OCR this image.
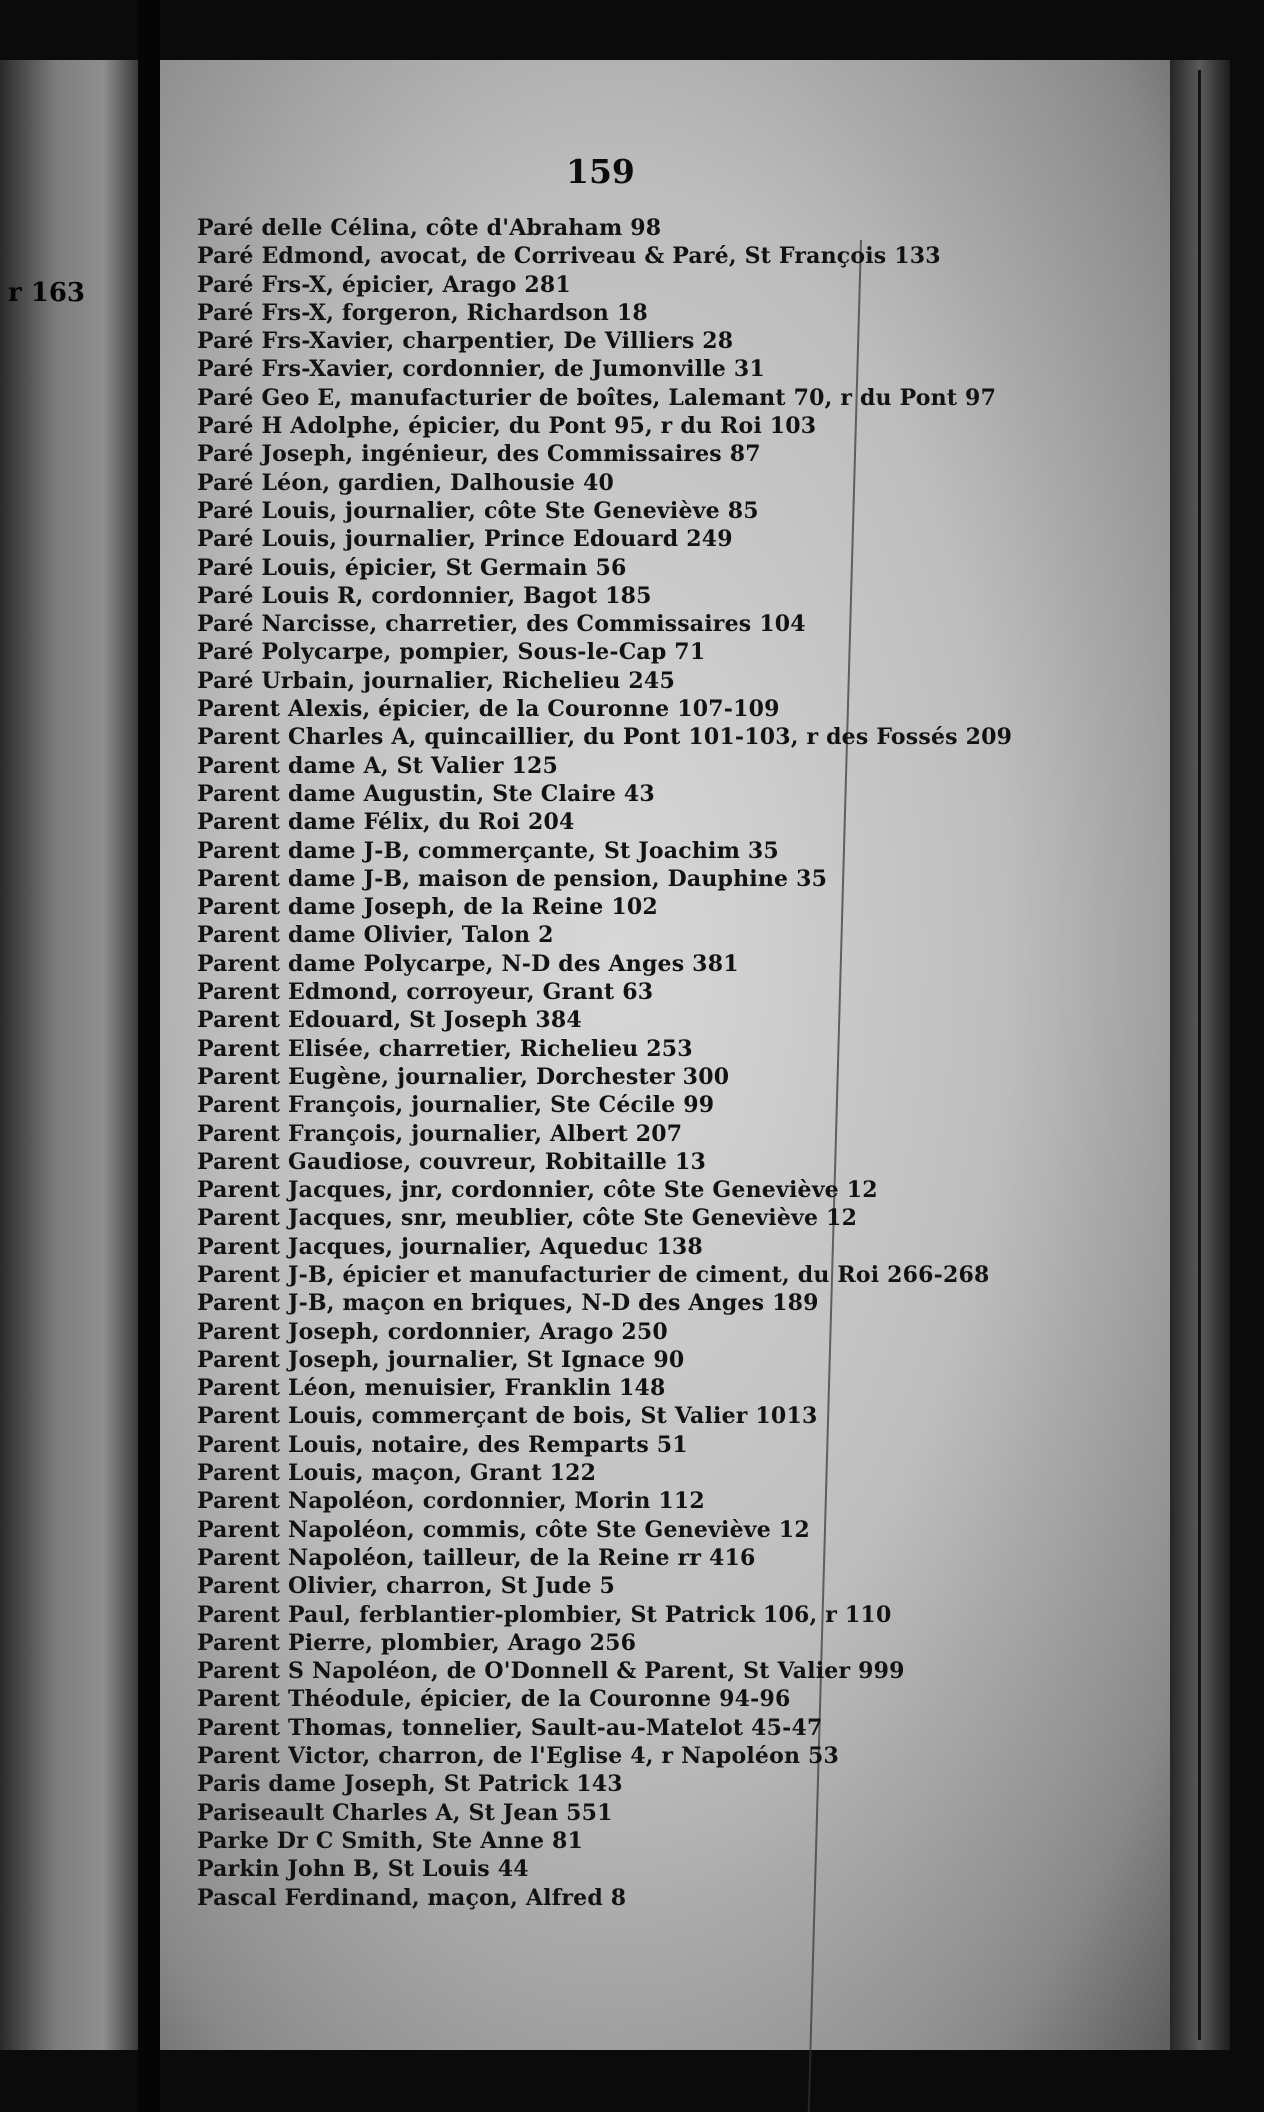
r 163
159
Paré delle Célina, côte d'Abraham 98
Paré Edmond, avocat, de Corriveau & Paré, St François 133
Paré Frs-X, épicier, Arago 281
Paré Frs-X, forgeron, Richardson 18
Paré Frs-Xavier, charpentier, De Villiers 28
Paré Frs-Xavier, cordonnier, de Jumonville 31
Paré Geo E, manufacturier de boîtes, Lalemant 70, r du Pont 97
Paré H Adolphe, épicier, du Pont 95, r du Roi 103
Paré Joseph, ingénieur, des Commissaires 87
Paré Léon, gardien, Dalhousie 40
Paré Louis, journalier, côte Ste Geneviève 85
Paré Louis, journalier, Prince Edouard 249
Paré Louis, épicier, St Germain 56
Paré Louis R, cordonnier, Bagot 185
Paré Narcisse, charretier, des Commissaires 104
Paré Polycarpe, pompier, Sous-le-Cap 71
Paré Urbain, journalier, Richelieu 245
Parent Alexis, épicier, de la Couronne 107-109
Parent Charles A, quincaillier, du Pont 101-103, r des Fossés 209
Parent dame A, St Valier 125
Parent dame Augustin, Ste Claire 43
Parent dame Félix, du Roi 204
Parent dame J-B, commerçante, St Joachim 35
Parent dame J-B, maison de pension, Dauphine 35
Parent dame Joseph, de la Reine 102
Parent dame Olivier, Talon 2
Parent dame Polycarpe, N-D des Anges 381
Parent Edmond, corroyeur, Grant 63
Parent Edouard, St Joseph 384
Parent Elisée, charretier, Richelieu 253
Parent Eugène, journalier, Dorchester 300
Parent François, journalier, Ste Cécile 99
Parent François, journalier, Albert 207
Parent Gaudiose, couvreur, Robitaille 13
Parent Jacques, jnr, cordonnier, côte Ste Geneviève 12
Parent Jacques, snr, meublier, côte Ste Geneviève 12
Parent Jacques, journalier, Aqueduc 138
Parent J-B, épicier et manufacturier de ciment, du Roi 266-268
Parent J-B, maçon en briques, N-D des Anges 189
Parent Joseph, cordonnier, Arago 250
Parent Joseph, journalier, St Ignace 90
Parent Léon, menuisier, Franklin 148
Parent Louis, commerçant de bois, St Valier 1013
Parent Louis, notaire, des Remparts 51
Parent Louis, maçon, Grant 122
Parent Napoléon, cordonnier, Morin 112
Parent Napoléon, commis, côte Ste Geneviève 12
Parent Napoléon, tailleur, de la Reine rr 416
Parent Olivier, charron, St Jude 5
Parent Paul, ferblantier-plombier, St Patrick 106, r 110
Parent Pierre, plombier, Arago 256
Parent S Napoléon, de O'Donnell & Parent, St Valier 999
Parent Théodule, épicier, de la Couronne 94-96
Parent Thomas, tonnelier, Sault-au-Matelot 45-47
Parent Victor, charron, de l'Eglise 4, r Napoléon 53
Paris dame Joseph, St Patrick 143
Pariseault Charles A, St Jean 551
Parke Dr C Smith, Ste Anne 81
Parkin John B, St Louis 44
Pascal Ferdinand, maçon, Alfred 8
